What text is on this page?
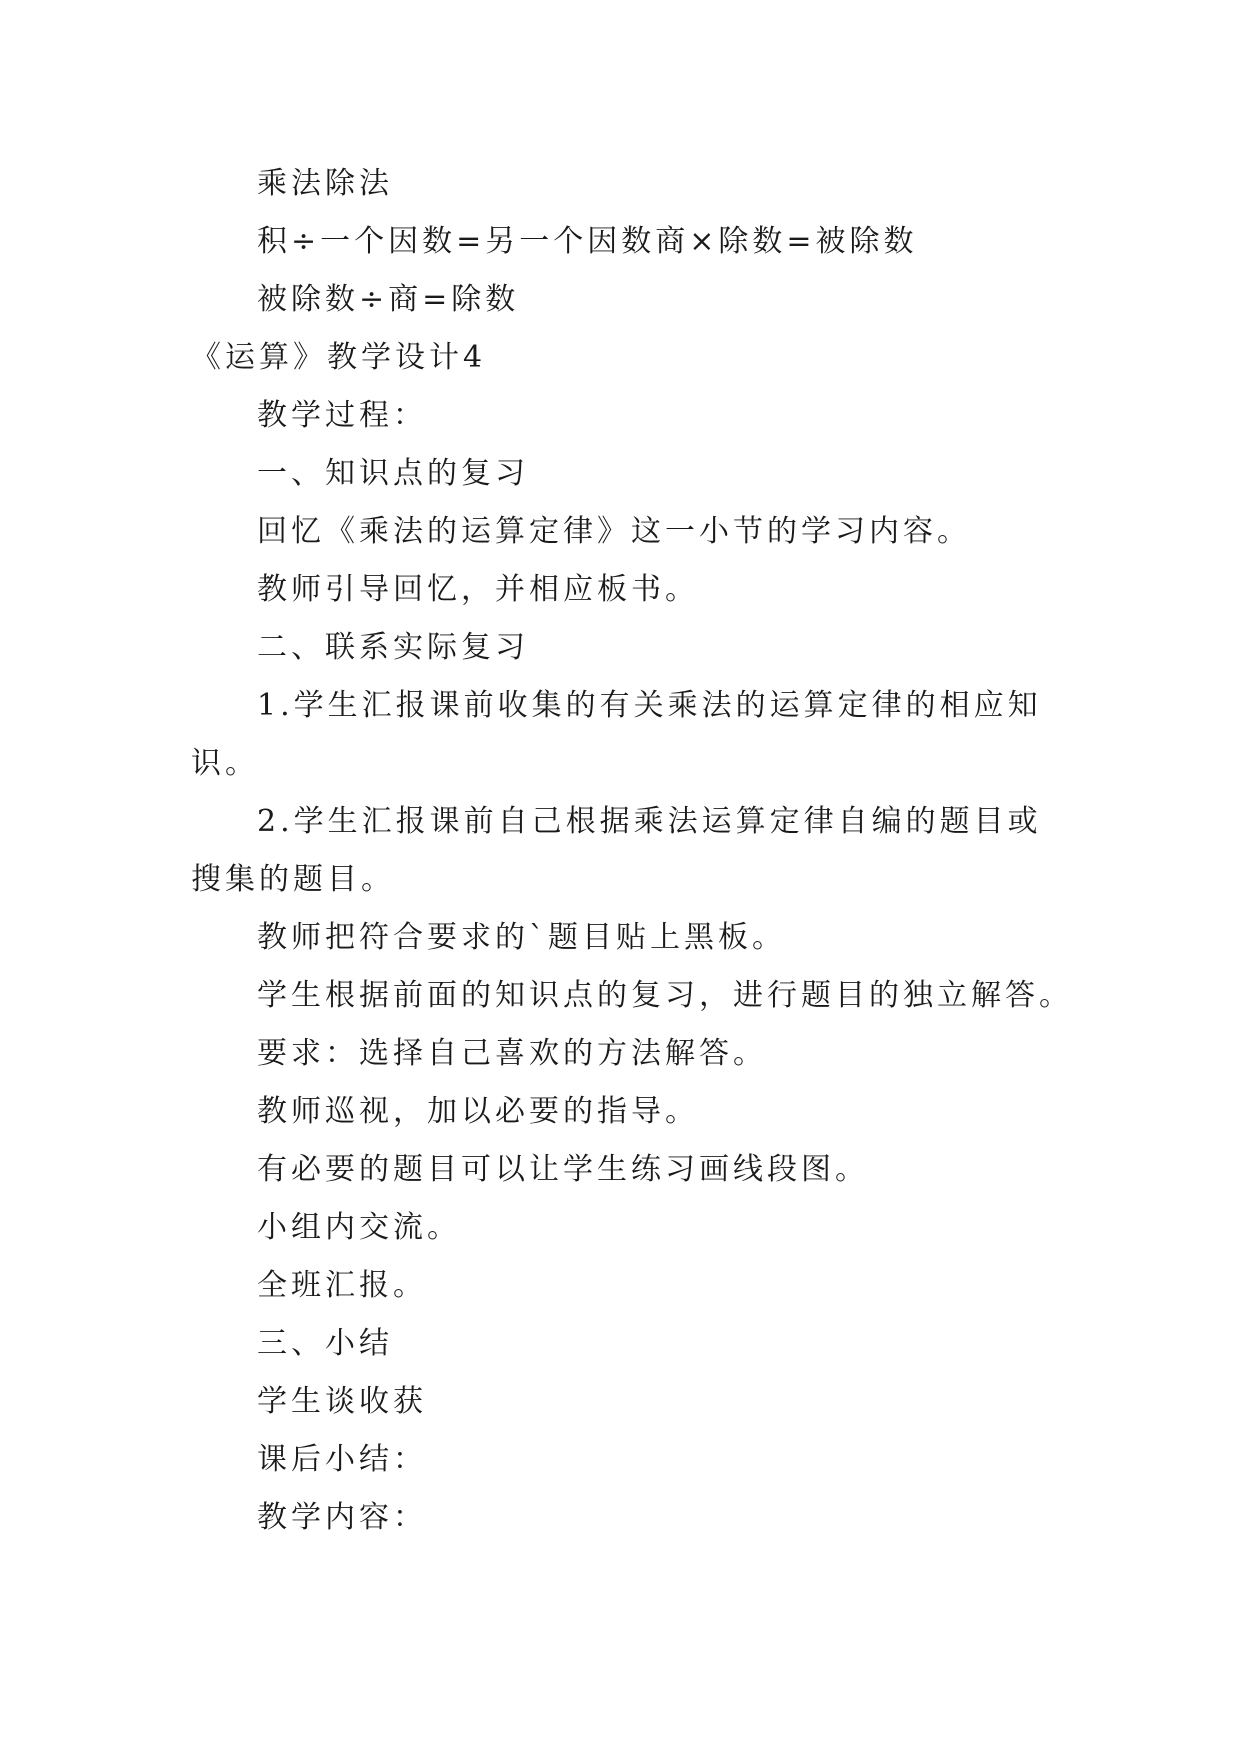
乘法除法
积÷一个因数=另一个因数商×除数=被除数
被除数÷商=除数
《运算》教学设计4
教学过程：
一、知识点的复习
回忆《乘法的运算定律》这一小节的学习内容。
教师引导回忆，并相应板书。
二、联系实际复习
1.学生汇报课前收集的有关乘法的运算定律的相应知
识。
2.学生汇报课前自己根据乘法运算定律自编的题目或
搜集的题目。
教师把符合要求的`题目贴上黑板。
学生根据前面的知识点的复习，进行题目的独立解答。
要求：选择自己喜欢的方法解答。
教师巡视，加以必要的指导。
有必要的题目可以让学生练习画线段图。
小组内交流。
全班汇报。
三、小结
学生谈收获
课后小结：
教学内容：
